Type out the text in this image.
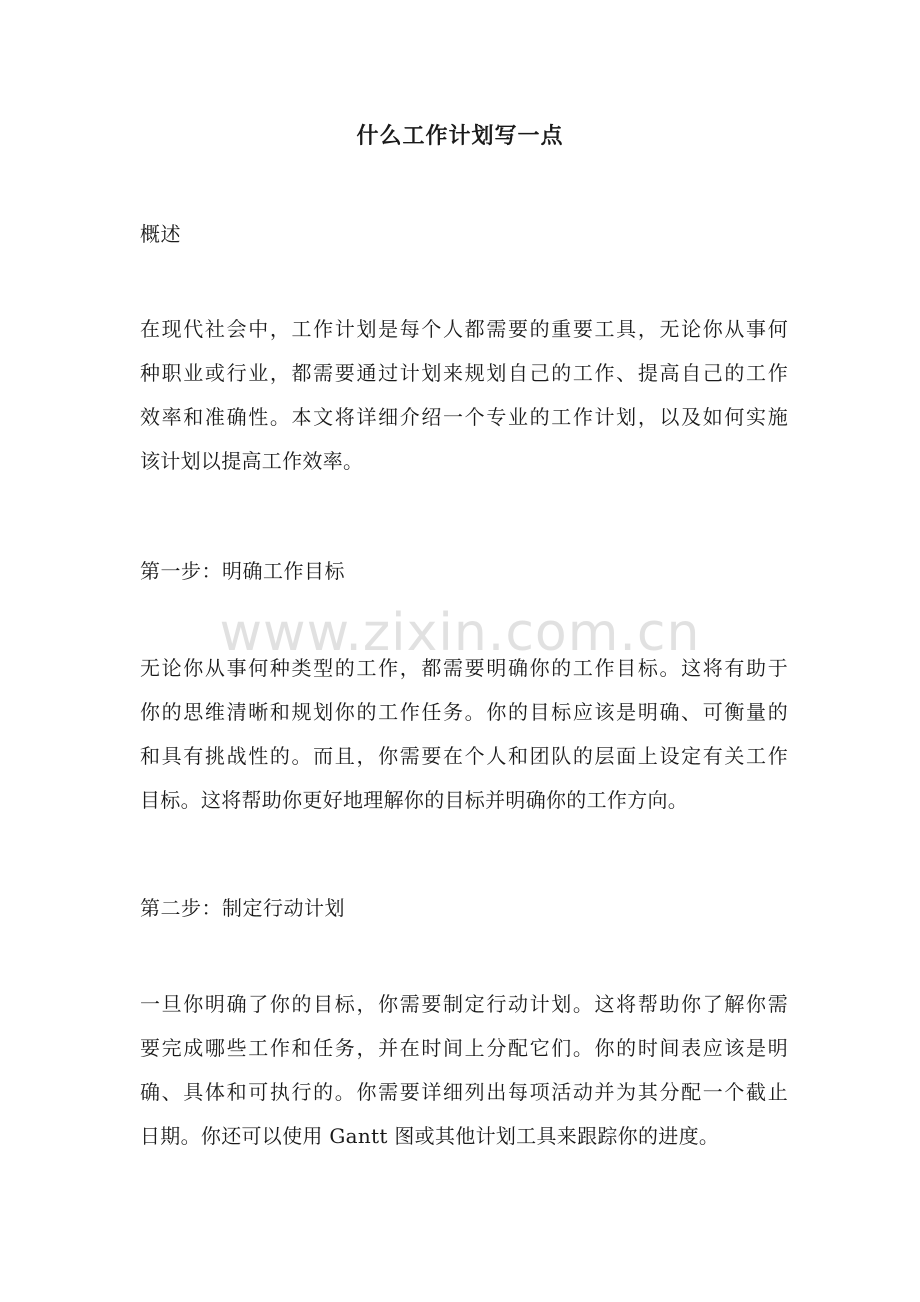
什么工作计划写一点
概述
在现代社会中，工作计划是每个人都需要的重要工具，无论你从事何
种职业或行业，都需要通过计划来规划自己的工作、提高自己的工作
效率和准确性。本文将详细介绍一个专业的工作计划，以及如何实施
该计划以提高工作效率。
第一步：明确工作目标
www.zixin.com.cn
无论你从事何种类型的工作，都需要明确你的工作目标。这将有助于
你的思维清晰和规划你的工作任务。你的目标应该是明确、可衡量的
和具有挑战性的。而且，你需要在个人和团队的层面上设定有关工作
目标。这将帮助你更好地理解你的目标并明确你的工作方向。
第二步：制定行动计划
一旦你明确了你的目标，你需要制定行动计划。这将帮助你了解你需
要完成哪些工作和任务，并在时间上分配它们。你的时间表应该是明
确、具体和可执行的。你需要详细列出每项活动并为其分配一个截止
日期。你还可以使用 Gantt 图或其他计划工具来跟踪你的进度。
